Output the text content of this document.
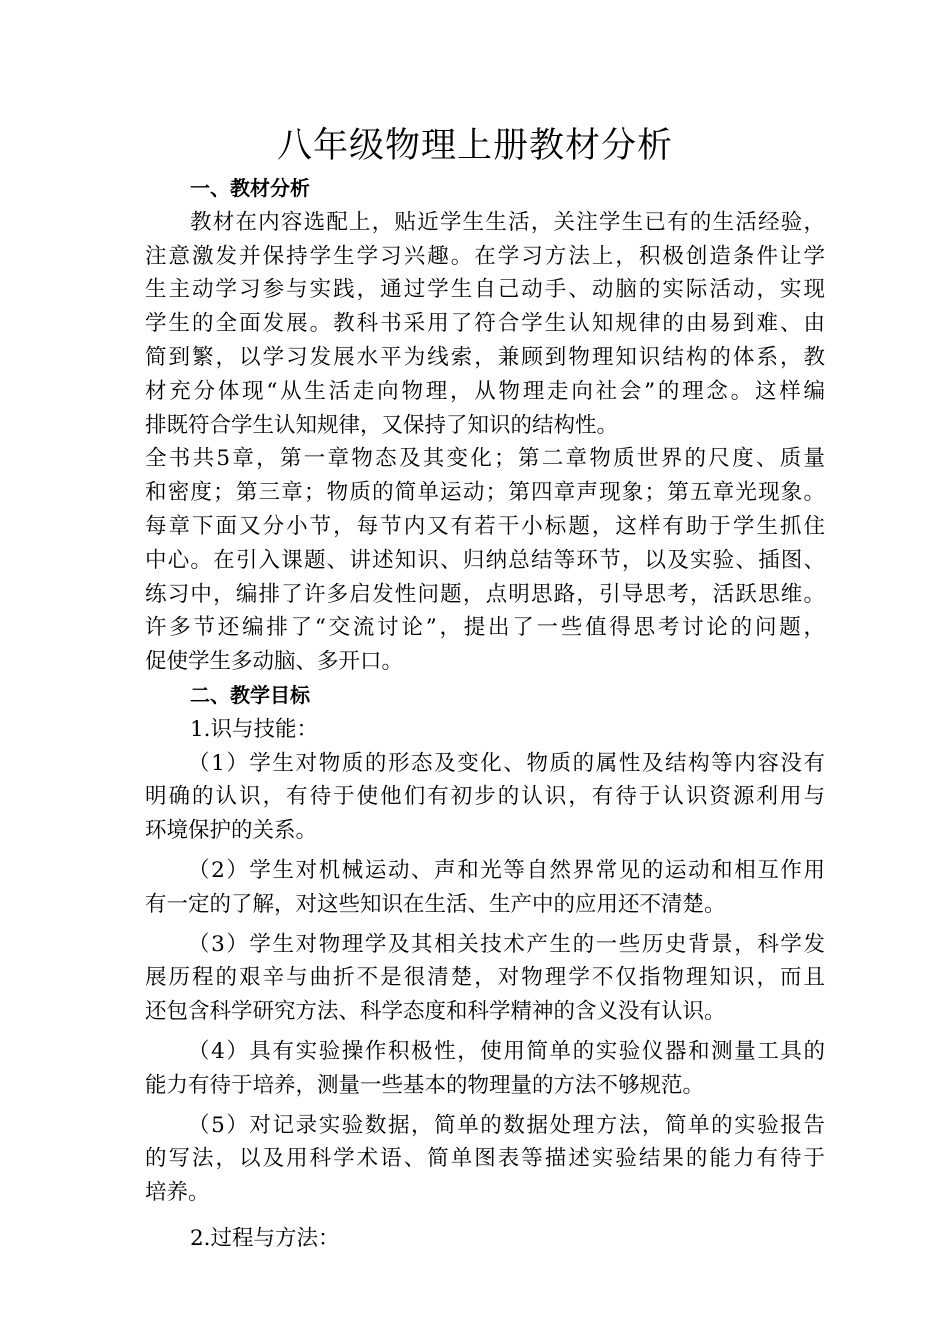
八年级物理上册教材分析
一、教材分析
教材在内容选配上，贴近学生生活，关注学生已有的生活经验，
注意激发并保持学生学习兴趣。在学习方法上，积极创造条件让学
生主动学习参与实践，通过学生自己动手、动脑的实际活动，实现
学生的全面发展。教科书采用了符合学生认知规律的由易到难、由
简到繁，以学习发展水平为线索，兼顾到物理知识结构的体系，教
材充分体现“从生活走向物理，从物理走向社会”的理念。这样编
排既符合学生认知规律，又保持了知识的结构性。
全书共5章，第一章物态及其变化；第二章物质世界的尺度、质量
和密度；第三章；物质的简单运动；第四章声现象；第五章光现象。
每章下面又分小节，每节内又有若干小标题，这样有助于学生抓住
中心。在引入课题、讲述知识、归纳总结等环节，以及实验、插图、
练习中，编排了许多启发性问题，点明思路，引导思考，活跃思维。
许多节还编排了“交流讨论”，提出了一些值得思考讨论的问题，
促使学生多动脑、多开口。
二、教学目标
1.识与技能：
（1）学生对物质的形态及变化、物质的属性及结构等内容没有
明确的认识，有待于使他们有初步的认识，有待于认识资源利用与
环境保护的关系。
（2）学生对机械运动、声和光等自然界常见的运动和相互作用
有一定的了解，对这些知识在生活、生产中的应用还不清楚。
（3）学生对物理学及其相关技术产生的一些历史背景，科学发
展历程的艰辛与曲折不是很清楚，对物理学不仅指物理知识，而且
还包含科学研究方法、科学态度和科学精神的含义没有认识。
（4）具有实验操作积极性，使用简单的实验仪器和测量工具的
能力有待于培养，测量一些基本的物理量的方法不够规范。
（5）对记录实验数据，简单的数据处理方法，简单的实验报告
的写法，以及用科学术语、简单图表等描述实验结果的能力有待于
培养。
2.过程与方法：
